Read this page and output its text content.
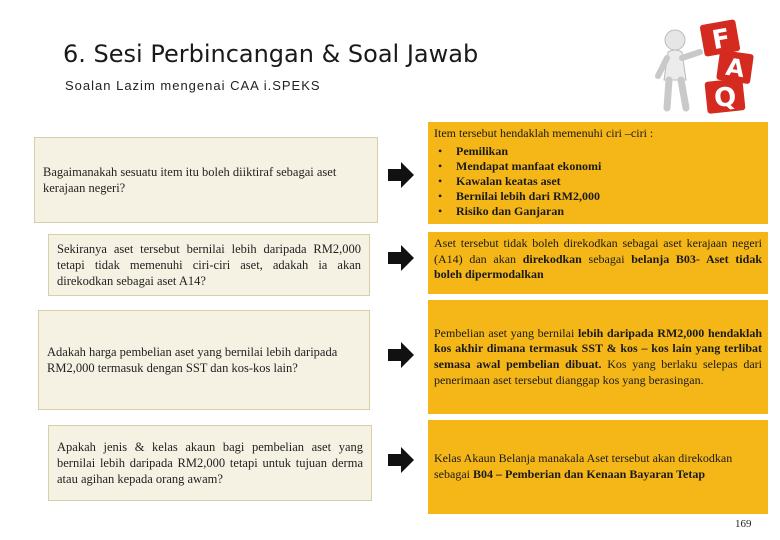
6. Sesi Perbincangan & Soal Jawab
Soalan Lazim mengenai CAA i.SPEKS
F
A
Q
Bagaimanakah sesuatu item itu boleh diiktiraf sebagai aset kerajaan negeri?
Item tersebut hendaklah memenuhi ciri –ciri :
• Pemilikan
• Mendapat manfaat ekonomi
• Kawalan keatas aset
• Bernilai lebih dari RM2,000
• Risiko dan Ganjaran
Sekiranya aset tersebut bernilai lebih daripada RM2,000 tetapi tidak memenuhi ciri-ciri aset, adakah ia akan direkodkan sebagai aset A14?
Aset tersebut tidak boleh direkodkan sebagai aset kerajaan negeri (A14) dan akan direkodkan sebagai belanja B03- Aset tidak boleh dipermodalkan
Adakah harga pembelian aset yang bernilai lebih daripada RM2,000 termasuk dengan SST dan kos-kos lain?
Pembelian aset yang bernilai lebih daripada RM2,000 hendaklah kos akhir dimana termasuk SST & kos – kos lain yang terlibat semasa awal pembelian dibuat. Kos yang berlaku selepas dari penerimaan aset tersebut dianggap kos yang berasingan.
Apakah jenis & kelas akaun bagi pembelian aset yang bernilai lebih daripada RM2,000 tetapi untuk tujuan derma atau agihan kepada orang awam?
Kelas Akaun Belanja manakala Aset tersebut akan direkodkan sebagai B04 – Pemberian dan Kenaan Bayaran Tetap
169
